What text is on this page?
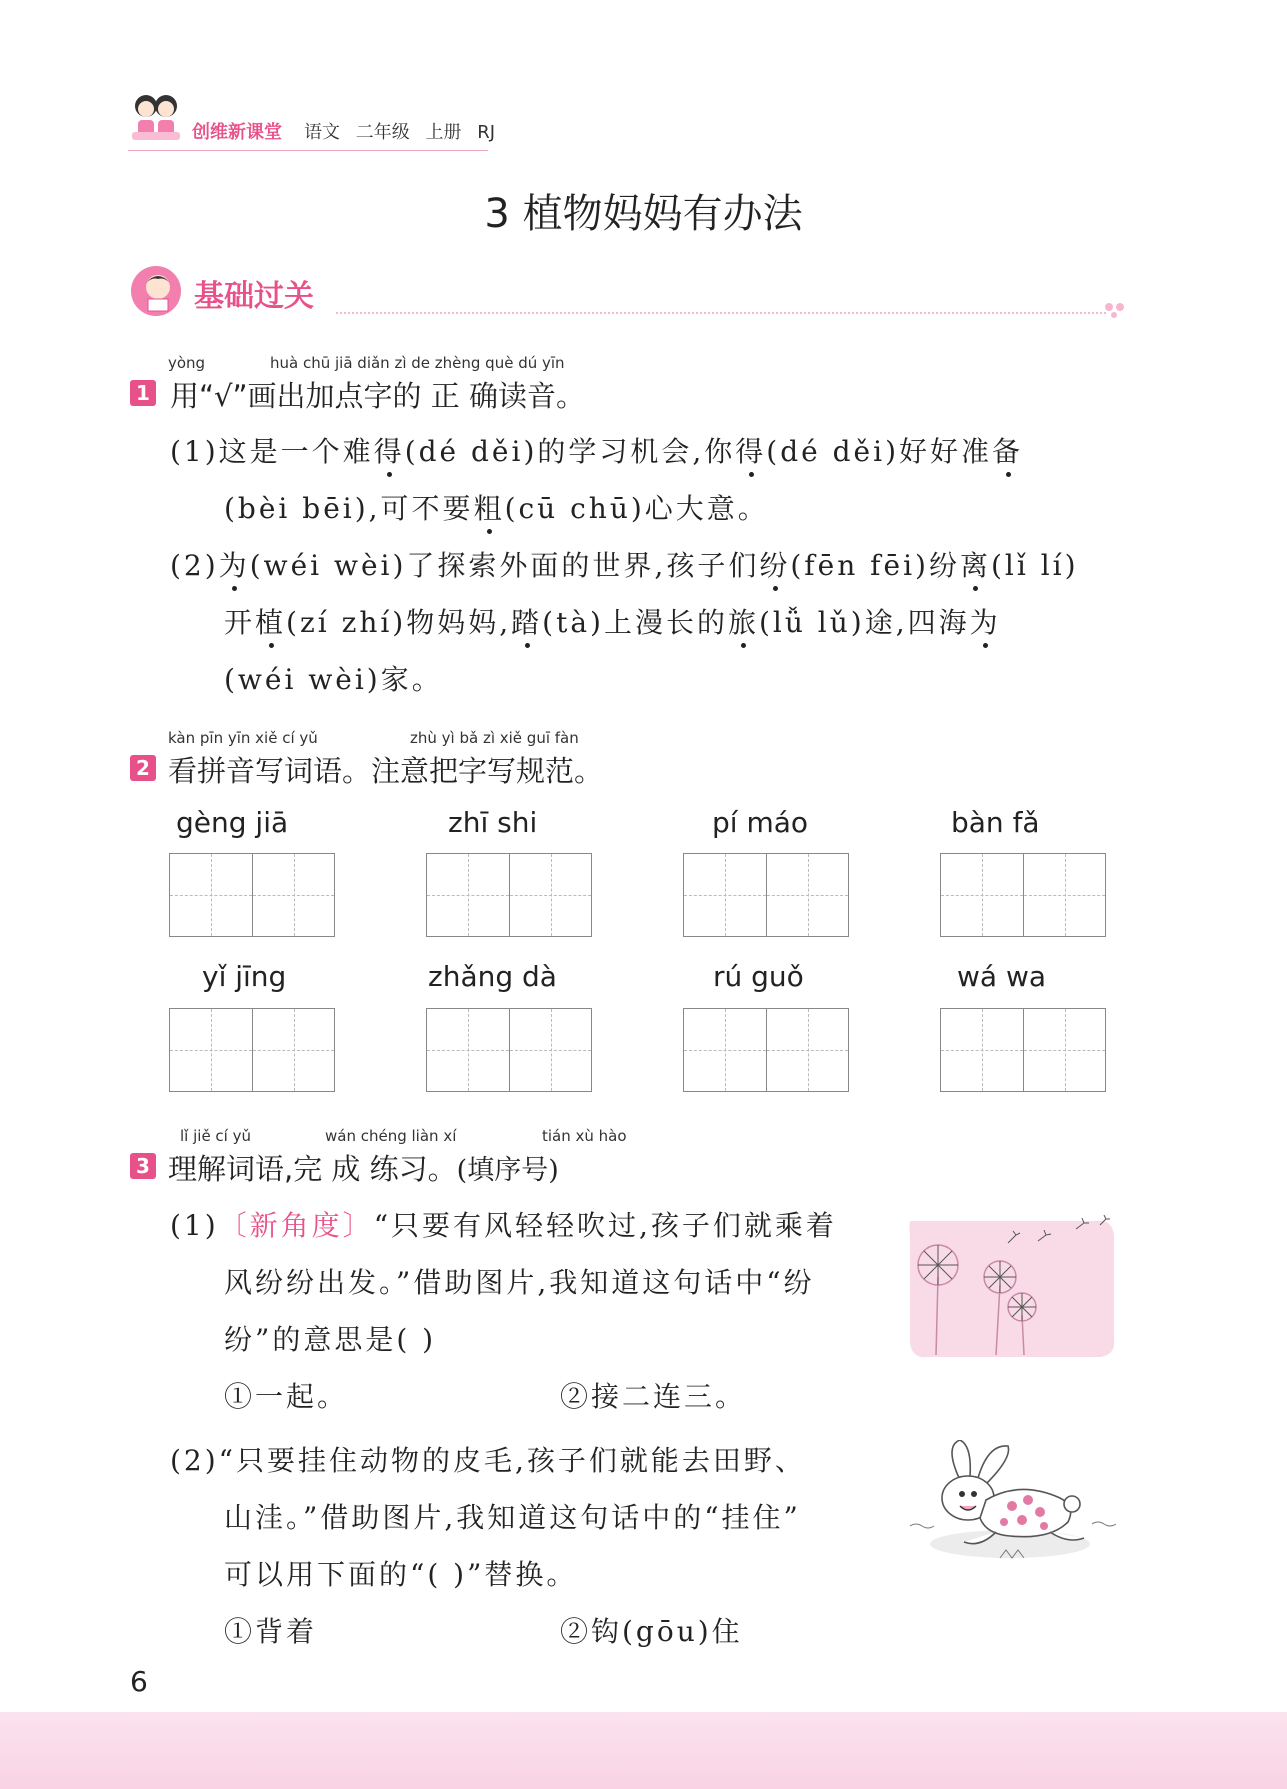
创维新课堂 语文 二年级 上册 RJ
3 植物妈妈有办法
基础过关
yòng	huà chū jiā diǎn zì de zhèng què dú yīn
1 用“√”画出加点字的 正 确读音。
(1)这是一个难得(dé děi)的学习机会,你得(dé děi)好好准备
(bèi bēi),可不要粗(cū chū)心大意。
(2)为(wéi wèi)了探索外面的世界,孩子们纷(fēn fēi)纷离(lǐ lí)
开植(zí zhí)物妈妈,踏(tà)上漫长的旅(lǚ lǔ)途,四海为
(wéi wèi)家。
kàn pīn yīn xiě cí yǔ	zhù yì bǎ zì xiě guī fàn
2 看拼音写词语。注意把字写规范。
gèng jiā	zhī shi	pí máo	bàn fǎ
yǐ jīng	zhǎng dà	rú guǒ	wá wa
lǐ jiě cí yǔ	wán chéng liàn xí	tián xù hào
3 理解词语,完 成 练习。(填序号)
(1)〔新角度〕“只要有风轻轻吹过,孩子们就乘着
风纷纷出发。”借助图片,我知道这句话中“纷
纷”的意思是( )
①一起。	②接二连三。
(2)“只要挂住动物的皮毛,孩子们就能去田野、
山洼。”借助图片,我知道这句话中的“挂住”
可以用下面的“( )”替换。
①背着	②钩(gōu)住
6
